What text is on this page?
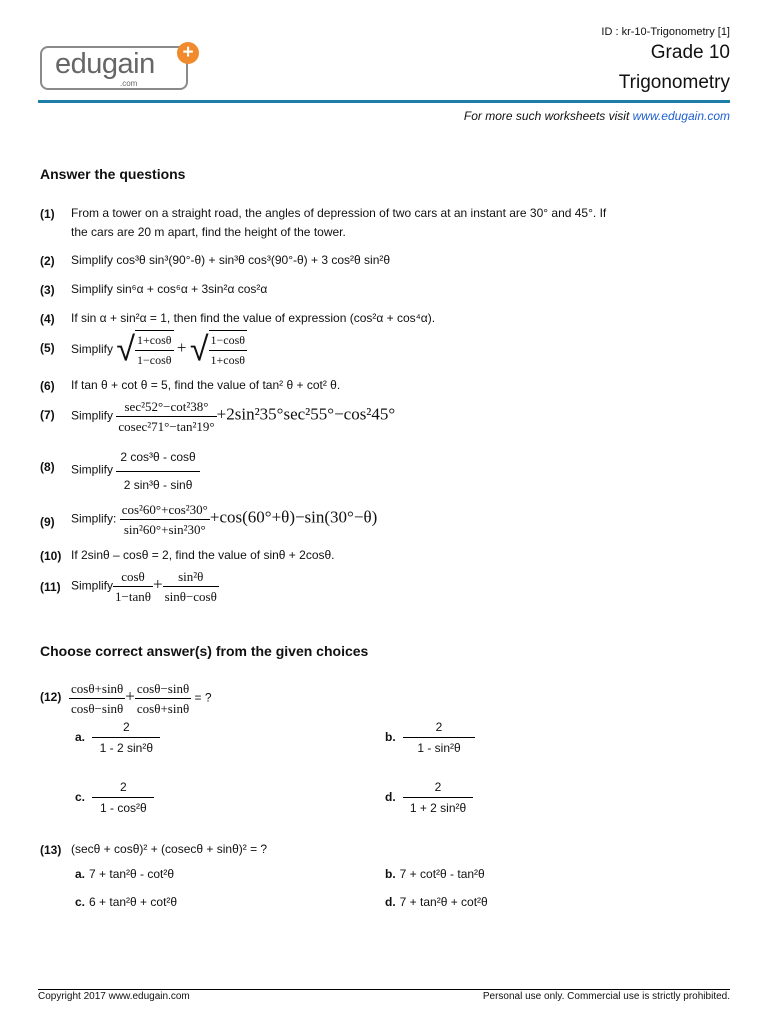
edugain
.com
+
ID : kr-10-Trigonometry [1]
Grade 10
Trigonometry
For more such worksheets visit www.edugain.com
Answer the questions
(1) From a tower on a straight road, the angles of depression of two cars at an instant are 30° and 45°. If
the cars are 20 m apart, find the height of the tower.
(2) Simplify cos³θ sin³(90°-θ) + sin³θ cos³(90°-θ) + 3 cos²θ sin²θ
(3) Simplify sin⁶α + cos⁶α + 3sin²α cos²α
(4) If sin α + sin²α = 1, then find the value of expression (cos²α + cos⁴α).
(5) Simplify √ $\frac{1+\cos\theta}{1-\cos\theta}$ + √ $\frac{1-\cos\theta}{1+\cos\theta}$
(6) If tan θ + cot θ = 5, find the value of tan² θ + cot² θ.
(7) Simplify $\frac{\text{sec²52°−cot²38°}}{\text{cosec²71°−tan²19°}} +2\sin^235^\circ\sec^255^\circ-\cos^245^\circ$
(8) Simplify $\frac{\text{2 cos³θ - cosθ}}{\text{2 sin³θ - sinθ}}$
(9) Simplify: $\frac{\text{cos²60°+cos²30°}}{\text{sin²60°+sin²30°}} +\cos(60^\circ+\theta)-\sin(30^\circ-\theta)$
(10) If 2sinθ – cosθ = 2, find the value of sinθ + 2cosθ.
(11) Simplify $\frac{\cos\theta}{1-\tan\theta} + \frac{\text{sin²θ}}{\sin\theta-\cos\theta}$
Choose correct answer(s) from the given choices
$(12) \frac{\cos\theta+\sin\theta}{\cos\theta-\sin\theta} + \frac{\cos\theta-\sin\theta}{\cos\theta+\sin\theta}$ = ?
a. $\frac{2}{\text{1 - 2 sin²θ}}$	b. $\frac{2}{\text{1 - sin²θ}}$
c. $\frac{2}{\text{1 - cos²θ}}$	d. $\frac{2}{\text{1 + 2 sin²θ}}$
(13) (secθ + cosθ)² + (cosecθ + sinθ)² = ?
a. 7 + tan²θ - cot²θ	b. 7 + cot²θ - tan²θ
c. 6 + tan²θ + cot²θ	d. 7 + tan²θ + cot²θ
Copyright 2017 www.edugain.com	Personal use only. Commercial use is strictly prohibited.
